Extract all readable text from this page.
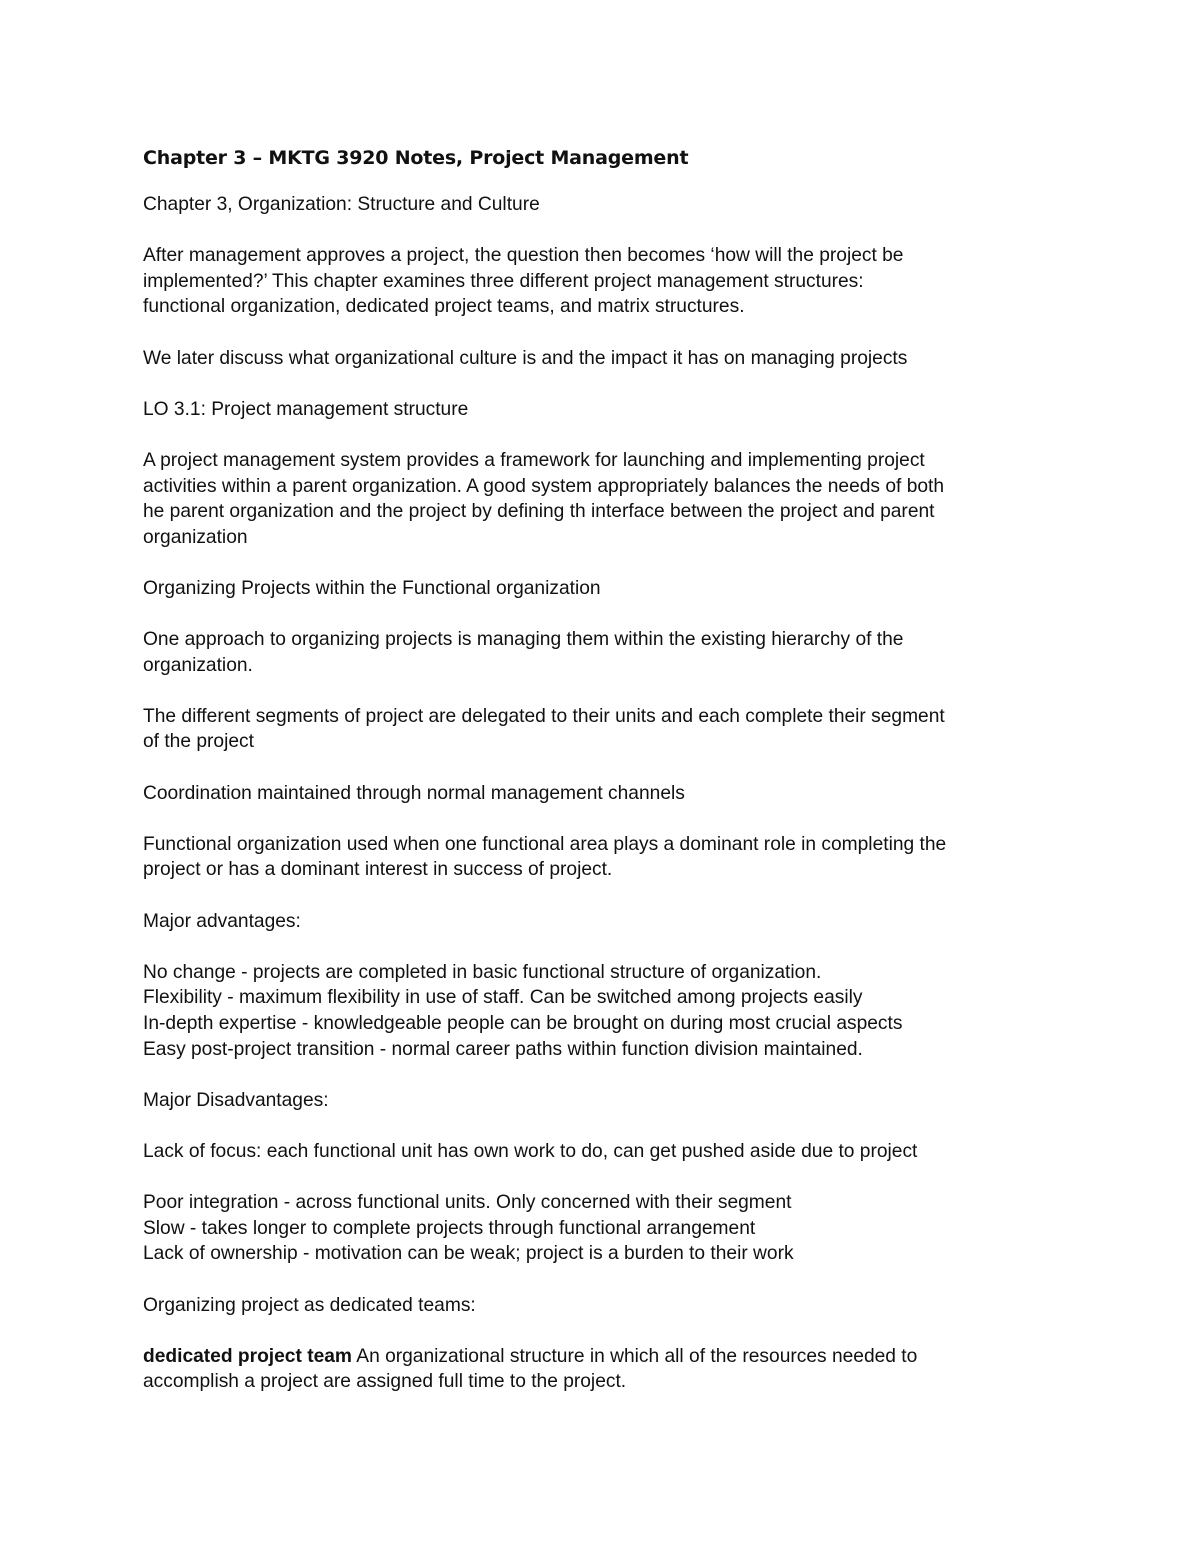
Chapter 3 – MKTG 3920 Notes, Project Management
Chapter 3, Organization: Structure and Culture
After management approves a project, the question then becomes ‘how will the project be
implemented?’ This chapter examines three different project management structures:
functional organization, dedicated project teams, and matrix structures.
We later discuss what organizational culture is and the impact it has on managing projects
LO 3.1: Project management structure
A project management system provides a framework for launching and implementing project
activities within a parent organization. A good system appropriately balances the needs of both
he parent organization and the project by defining th interface between the project and parent
organization
Organizing Projects within the Functional organization
One approach to organizing projects is managing them within the existing hierarchy of the
organization.
The different segments of project are delegated to their units and each complete their segment
of the project
Coordination maintained through normal management channels
Functional organization used when one functional area plays a dominant role in completing the
project or has a dominant interest in success of project.
Major advantages:
No change - projects are completed in basic functional structure of organization.
Flexibility - maximum flexibility in use of staff. Can be switched among projects easily
In-depth expertise - knowledgeable people can be brought on during most crucial aspects
Easy post-project transition - normal career paths within function division maintained.
Major Disadvantages:
Lack of focus: each functional unit has own work to do, can get pushed aside due to project
Poor integration - across functional units. Only concerned with their segment
Slow - takes longer to complete projects through functional arrangement
Lack of ownership - motivation can be weak; project is a burden to their work
Organizing project as dedicated teams:
dedicated project team An organizational structure in which all of the resources needed to
accomplish a project are assigned full time to the project.
